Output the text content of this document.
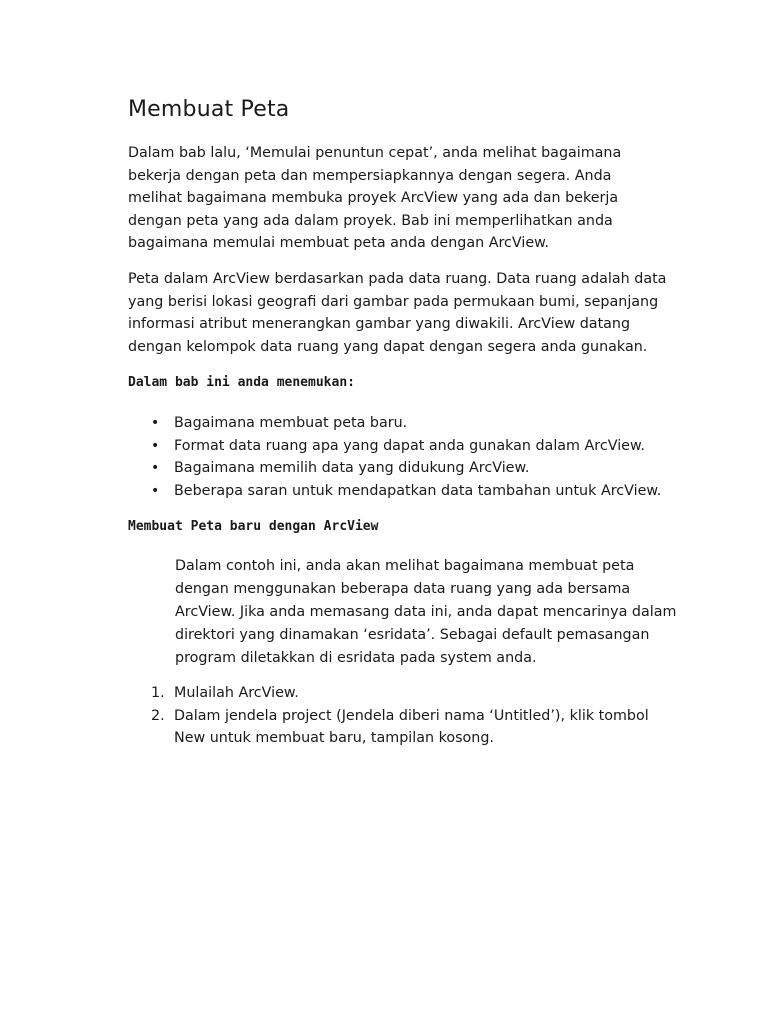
Membuat Peta

Dalam bab lalu, ‘Memulai penuntun cepat’, anda melihat bagaimana bekerja dengan peta dan mempersiapkannya dengan segera. Anda melihat bagaimana membuka proyek ArcView yang ada dan bekerja dengan peta yang ada dalam proyek. Bab ini memperlihatkan anda bagaimana memulai membuat peta anda dengan ArcView.

Peta dalam ArcView berdasarkan pada data ruang. Data ruang adalah data yang berisi lokasi geografi dari gambar pada permukaan bumi, sepanjang informasi atribut menerangkan gambar yang diwakili. ArcView datang dengan kelompok data ruang yang dapat dengan segera anda gunakan.

Dalam bab ini anda menemukan:
• Bagaimana membuat peta baru.
• Format data ruang apa yang dapat anda gunakan dalam ArcView.
• Bagaimana memilih data yang didukung ArcView.
• Beberapa saran untuk mendapatkan data tambahan untuk ArcView.
Membuat Peta baru dengan ArcView

Dalam contoh ini, anda akan melihat bagaimana membuat peta dengan menggunakan beberapa data ruang yang ada bersama ArcView. Jika anda memasang data ini, anda dapat mencarinya dalam direktori yang dinamakan ‘esridata’. Sebagai default pemasangan program diletakkan di esridata pada system anda.

1. Mulailah ArcView.
2. Dalam jendela project (Jendela diberi nama ‘Untitled’), klik tombol New untuk membuat baru, tampilan kosong.
